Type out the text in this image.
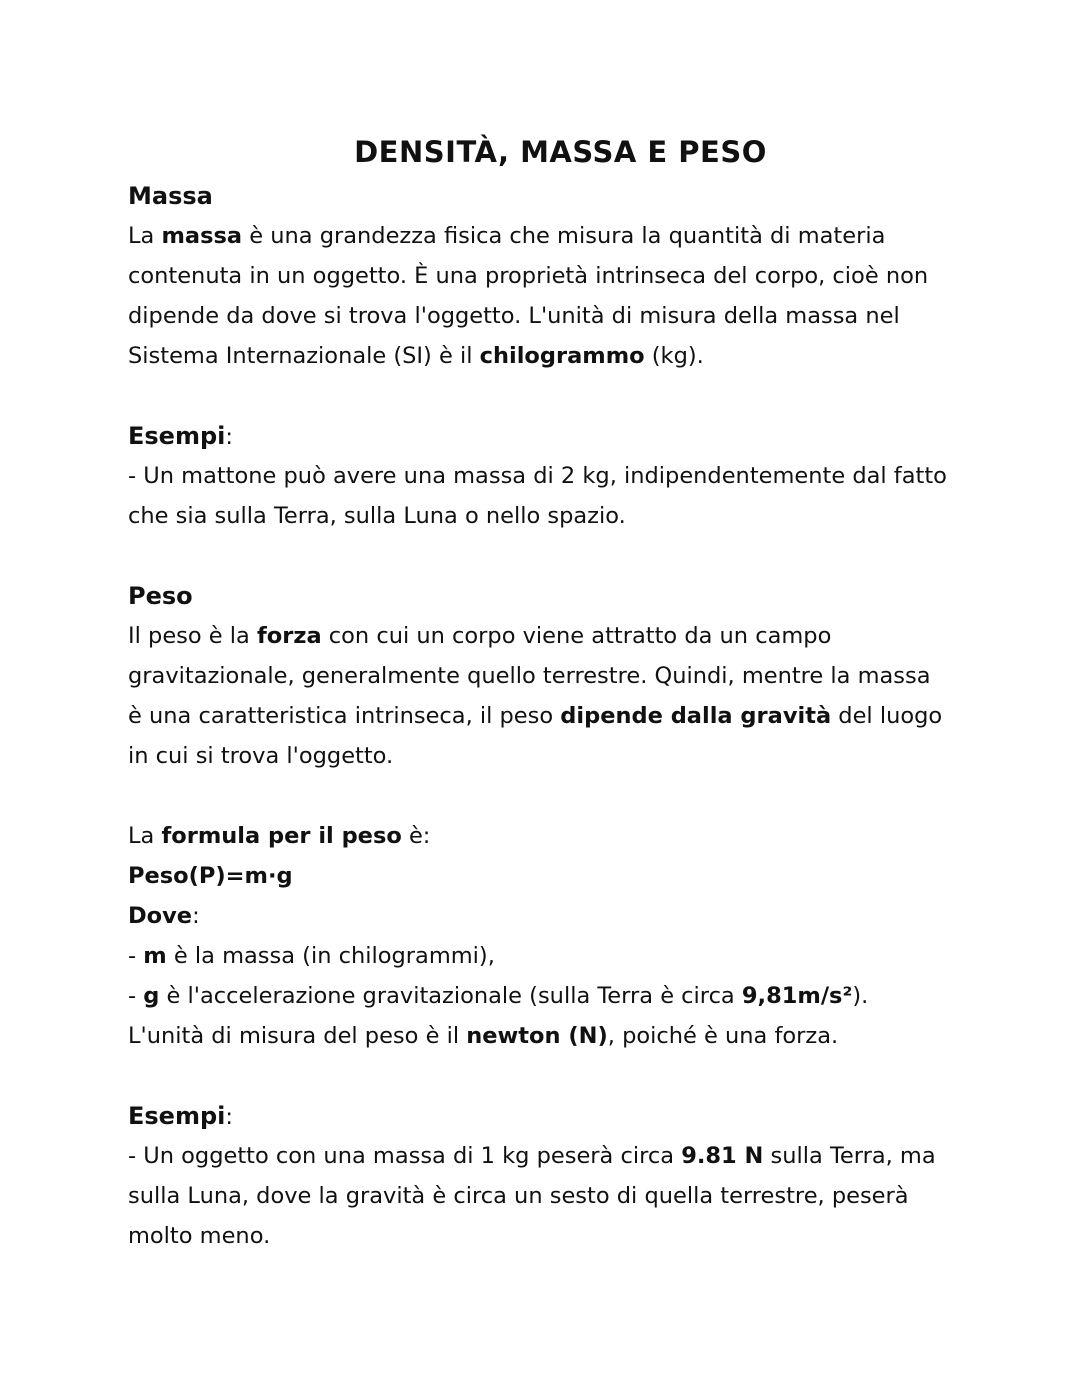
DENSITÀ, MASSA E PESO
Massa
La massa è una grandezza fisica che misura la quantità di materia
contenuta in un oggetto. È una proprietà intrinseca del corpo, cioè non
dipende da dove si trova l'oggetto. L'unità di misura della massa nel
Sistema Internazionale (SI) è il chilogrammo (kg).
Esempi:
- Un mattone può avere una massa di 2 kg, indipendentemente dal fatto
che sia sulla Terra, sulla Luna o nello spazio.
Peso
Il peso è la forza con cui un corpo viene attratto da un campo
gravitazionale, generalmente quello terrestre. Quindi, mentre la massa
è una caratteristica intrinseca, il peso dipende dalla gravità del luogo
in cui si trova l'oggetto.
La formula per il peso è:
Peso(P)=m·g
Dove:
- m è la massa (in chilogrammi),
- g è l'accelerazione gravitazionale (sulla Terra è circa 9,81m/s²).
L'unità di misura del peso è il newton (N), poiché è una forza.
Esempi:
- Un oggetto con una massa di 1 kg peserà circa 9.81 N sulla Terra, ma
sulla Luna, dove la gravità è circa un sesto di quella terrestre, peserà
molto meno.
